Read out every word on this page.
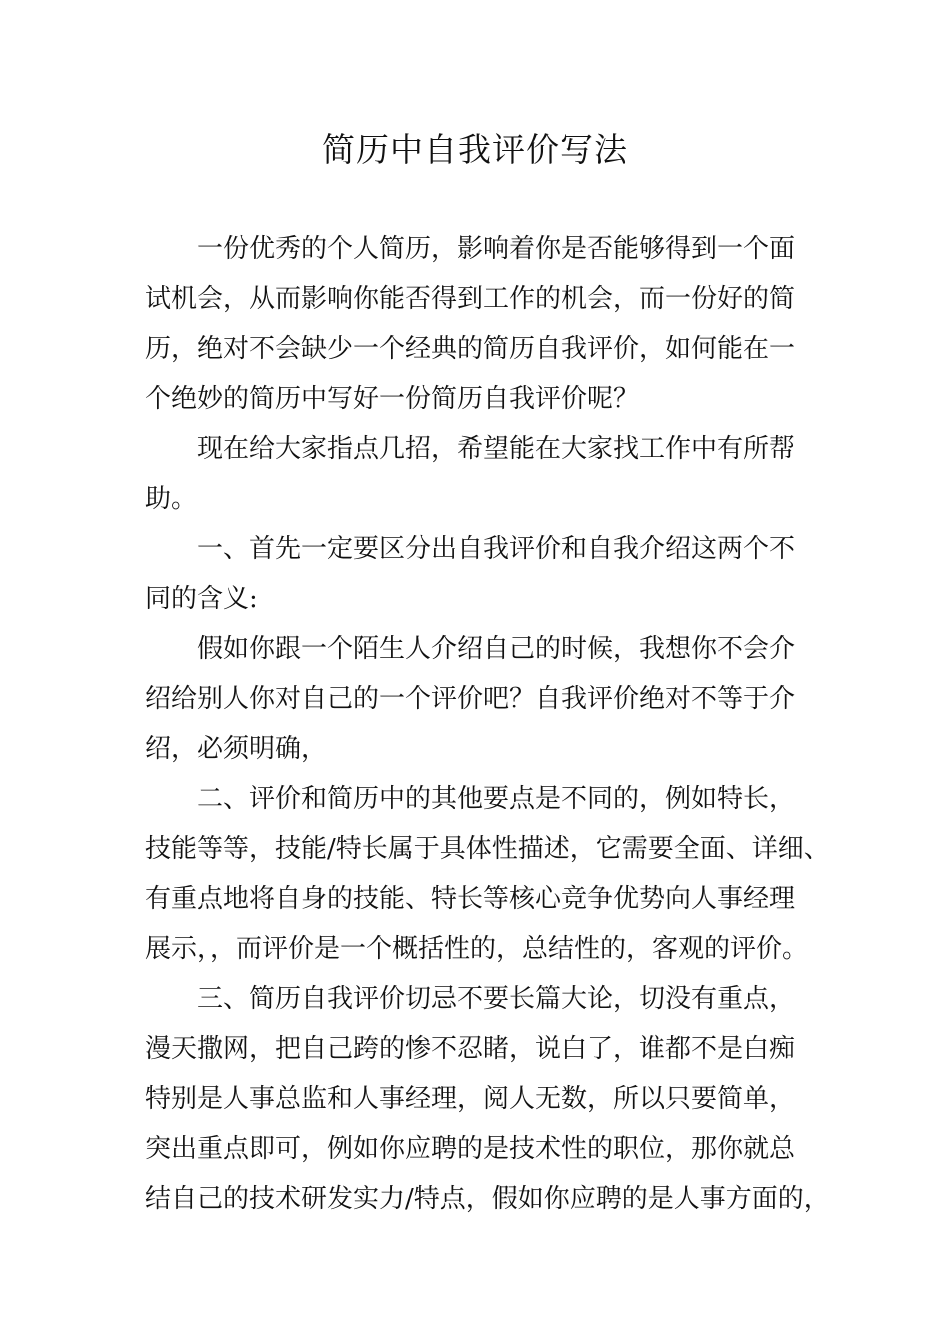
简历中自我评价写法
一份优秀的个人简历，影响着你是否能够得到一个面
试机会，从而影响你能否得到工作的机会，而一份好的简
历，绝对不会缺少一个经典的简历自我评价，如何能在一
个绝妙的简历中写好一份简历自我评价呢？
现在给大家指点几招，希望能在大家找工作中有所帮
助。
一、首先一定要区分出自我评价和自我介绍这两个不
同的含义:
假如你跟一个陌生人介绍自己的时候，我想你不会介
绍给别人你对自己的一个评价吧？自我评价绝对不等于介
绍，必须明确，
二、评价和简历中的其他要点是不同的，例如特长，
技能等等，技能/特长属于具体性描述，它需要全面、详细、
有重点地将自身的技能、特长等核心竞争优势向人事经理
展示，，而评价是一个概括性的，总结性的，客观的评价。
三、简历自我评价切忌不要长篇大论，切没有重点，
漫天撒网，把自己跨的惨不忍睹，说白了，谁都不是白痴
特别是人事总监和人事经理，阅人无数，所以只要简单，
突出重点即可，例如你应聘的是技术性的职位，那你就总
结自己的技术研发实力/特点，假如你应聘的是人事方面的，
